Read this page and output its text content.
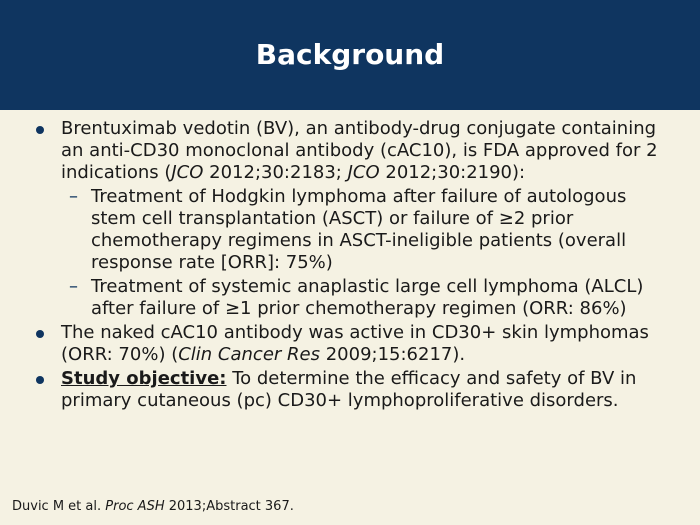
Background
Brentuximab vedotin (BV), an antibody-drug conjugate containing an anti-CD30 monoclonal antibody (cAC10), is FDA approved for 2 indications (JCO 2012;30:2183; JCO 2012;30:2190):
– Treatment of Hodgkin lymphoma after failure of autologous stem cell transplantation (ASCT) or failure of ≥2 prior chemotherapy regimens in ASCT-ineligible patients (overall response rate [ORR]: 75%)
– Treatment of systemic anaplastic large cell lymphoma (ALCL) after failure of ≥1 prior chemotherapy regimen (ORR: 86%)
The naked cAC10 antibody was active in CD30+ skin lymphomas (ORR: 70%) (Clin Cancer Res 2009;15:6217).
Study objective: To determine the efficacy and safety of BV in primary cutaneous (pc) CD30+ lymphoproliferative disorders.
Duvic M et al. Proc ASH 2013;Abstract 367.
